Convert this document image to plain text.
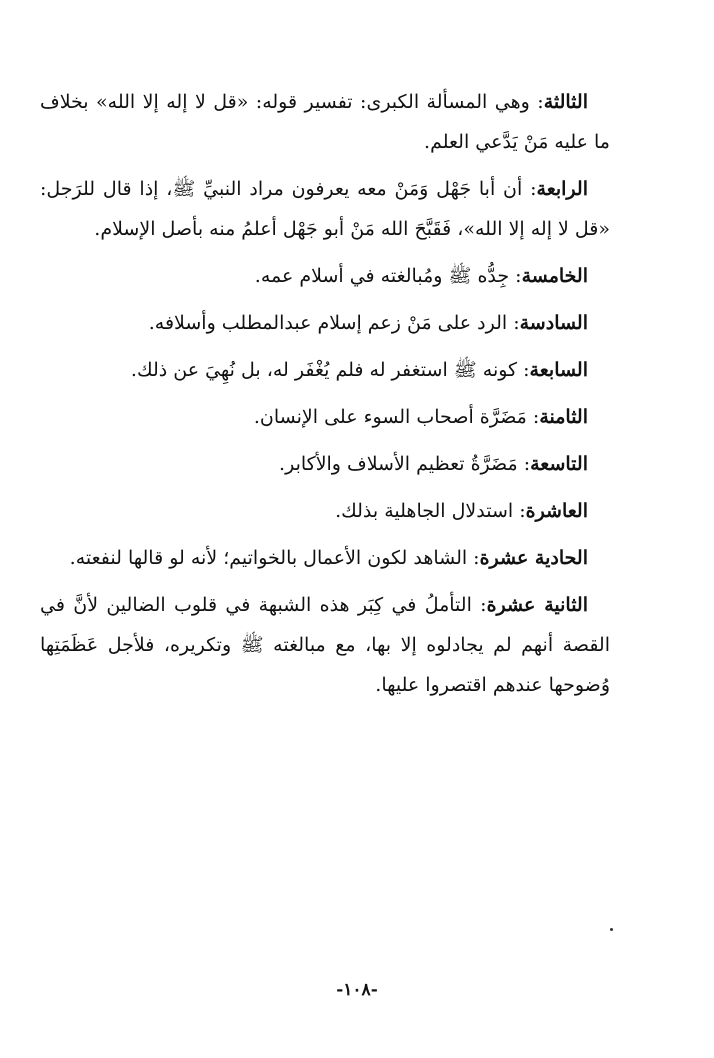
الثالثة: وهي المسألة الكبرى: تفسير قوله: «قل لا إله إلا الله» بخلاف ما عليه مَنْ يَدَّعي العلم.

الرابعة: أن أبا جَهْل وَمَنْ معه يعرفون مراد النبيِّ ﷺ، إذا قال للرَجل: «قل لا إله إلا الله»، فَقَبَّحَ الله مَنْ أبو جَهْل أعلمُ منه بأصل الإسلام.

الخامسة: جِدُّه ﷺ ومُبالغته في أسلام عمه.

السادسة: الرد على مَنْ زعم إسلام عبدالمطلب وأسلافه.

السابعة: كونه ﷺ استغفر له فلم يُغْفَر له، بل نُهِيَ عن ذلك.

الثامنة: مَضَرَّة أصحاب السوء على الإنسان.

التاسعة: مَضَرَّةُ تعظيم الأسلاف والأكابر.

العاشرة: استدلال الجاهلية بذلك.

الحادية عشرة: الشاهد لكون الأعمال بالخواتيم؛ لأنه لو قالها لنفعته.

الثانية عشرة: التأملُ في كِبَر هذه الشبهة في قلوب الضالين لأنَّ في القصة أنهم لم يجادلوه إلا بها، مع مبالغته ﷺ وتكريره، فلأجل عَظَمَتِها وُضوحها عندهم اقتصروا عليها.

-١٠٨-
